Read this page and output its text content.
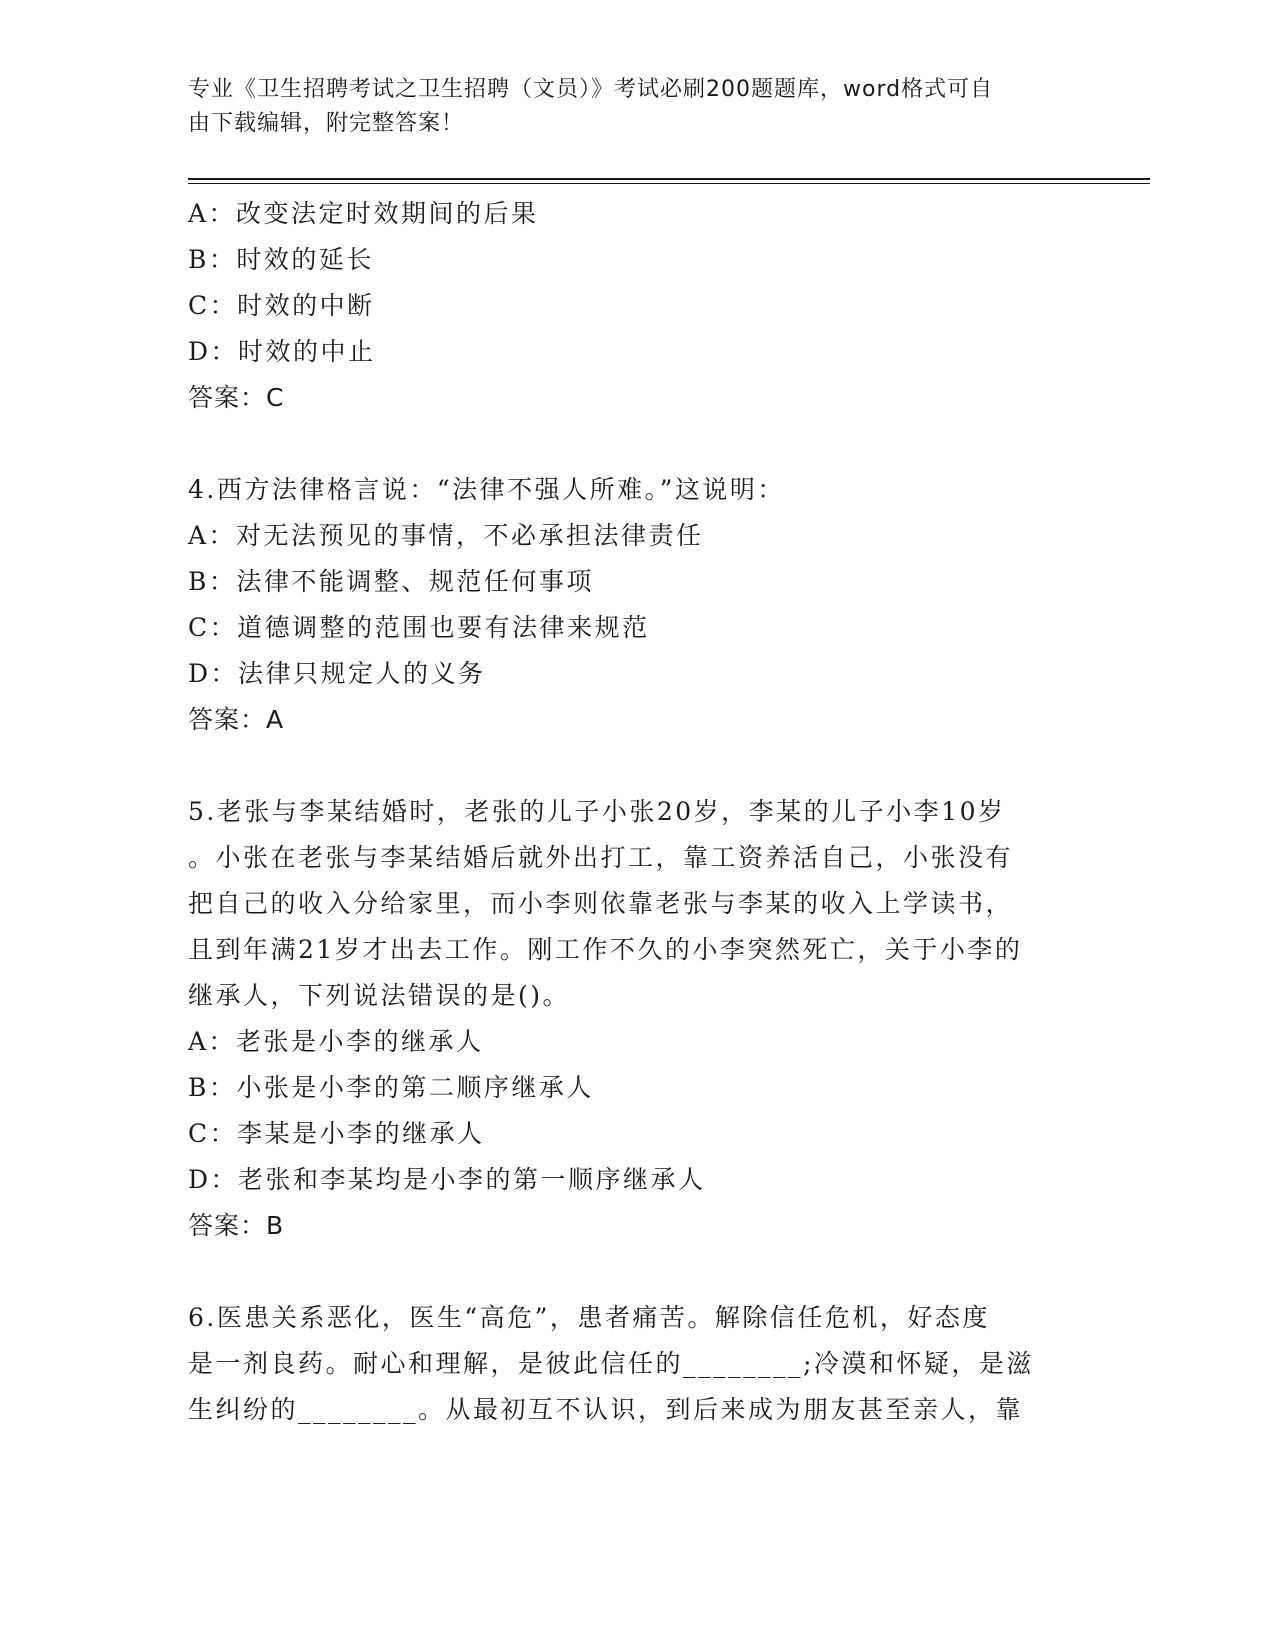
专业《卫生招聘考试之卫生招聘（文员）》考试必刷200题题库，word格式可自
由下载编辑，附完整答案！
A：改变法定时效期间的后果
B：时效的延长
C：时效的中断
D：时效的中止
答案：C
4.西方法律格言说：“法律不强人所难。”这说明：
A：对无法预见的事情，不必承担法律责任
B：法律不能调整、规范任何事项
C：道德调整的范围也要有法律来规范
D：法律只规定人的义务
答案：A
5.老张与李某结婚时，老张的儿子小张20岁，李某的儿子小李10岁
。小张在老张与李某结婚后就外出打工，靠工资养活自己，小张没有
把自己的收入分给家里，而小李则依靠老张与李某的收入上学读书，
且到年满21岁才出去工作。刚工作不久的小李突然死亡，关于小李的
继承人，下列说法错误的是()。
A：老张是小李的继承人
B：小张是小李的第二顺序继承人
C：李某是小李的继承人
D：老张和李某均是小李的第一顺序继承人
答案：B
6.医患关系恶化，医生“高危”，患者痛苦。解除信任危机，好态度
是一剂良药。耐心和理解，是彼此信任的________;冷漠和怀疑，是滋
生纠纷的________。从最初互不认识，到后来成为朋友甚至亲人，靠
